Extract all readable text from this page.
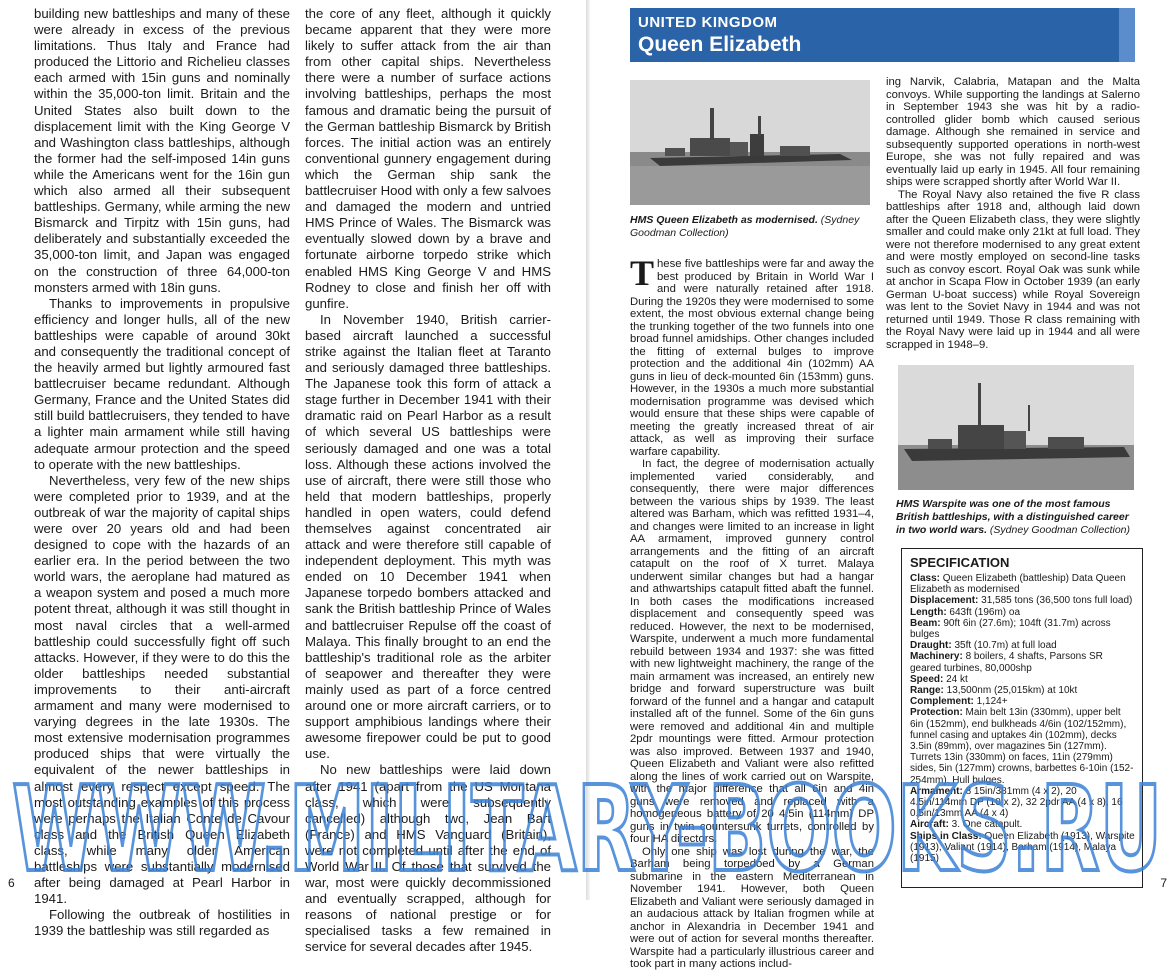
building new battleships and many of these were already in excess of the previous limitations. Thus Italy and France had produced the Littorio and Richelieu classes each armed with 15in guns and nominally within the 35,000-ton limit. Britain and the United States also built down to the displacement limit with the King George V and Washington class battleships, although the former had the self-imposed 14in guns while the Americans went for the 16in gun which also armed all their subsequent battleships. Germany, while arming the new Bismarck and Tirpitz with 15in guns, had deliberately and substantially exceeded the 35,000-ton limit, and Japan was engaged on the construction of three 64,000-ton monsters armed with 18in guns.

Thanks to improvements in propulsive efficiency and longer hulls, all of the new battleships were capable of around 30kt and consequently the traditional concept of the heavily armed but lightly armoured fast battlecruiser became redundant. Although Germany, France and the United States did still build battlecruisers, they tended to have a lighter main armament while still having adequate armour protection and the speed to operate with the new battleships.

Nevertheless, very few of the new ships were completed prior to 1939, and at the outbreak of war the majority of capital ships were over 20 years old and had been designed to cope with the hazards of an earlier era. In the period between the two world wars, the aeroplane had matured as a weapon system and posed a much more potent threat, although it was still thought in most naval circles that a well-armed battleship could successfully fight off such attacks. However, if they were to do this the older battleships needed substantial improvements to their anti-aircraft armament and many were modernised to varying degrees in the late 1930s. The most extensive modernisation programmes produced ships that were virtually the equivalent of the newer battleships in almost every respect except speed. The most outstanding examples of this process were perhaps the Italian Conte de Cavour class and the British Queen Elizabeth class, while many older American battleships were substantially modernised after being damaged at Pearl Harbor in 1941.

Following the outbreak of hostilities in 1939 the battleship was still regarded as

the core of any fleet, although it quickly became apparent that they were more likely to suffer attack from the air than from other capital ships. Nevertheless there were a number of surface actions involving battleships, perhaps the most famous and dramatic being the pursuit of the German battleship Bismarck by British forces. The initial action was an entirely conventional gunnery engagement during which the German ship sank the battlecruiser Hood with only a few salvoes and damaged the modern and untried HMS Prince of Wales. The Bismarck was eventually slowed down by a brave and fortunate airborne torpedo strike which enabled HMS King George V and HMS Rodney to close and finish her off with gunfire.

In November 1940, British carrier-based aircraft launched a successful strike against the Italian fleet at Taranto and seriously damaged three battleships. The Japanese took this form of attack a stage further in December 1941 with their dramatic raid on Pearl Harbor as a result of which several US battleships were seriously damaged and one was a total loss. Although these actions involved the use of aircraft, there were still those who held that modern battleships, properly handled in open waters, could defend themselves against concentrated air attack and were therefore still capable of independent deployment. This myth was ended on 10 December 1941 when Japanese torpedo bombers attacked and sank the British battleship Prince of Wales and battlecruiser Repulse off the coast of Malaya. This finally brought to an end the battleship's traditional role as the arbiter of seapower and thereafter they were mainly used as part of a force centred around one or more aircraft carriers, or to support amphibious landings where their awesome firepower could be put to good use.

No new battleships were laid down after 1941 (apart from the US Montana class, which were subsequently cancelled) although two, Jean Bart (France) and HMS Vanguard (Britain), were not completed until after the end of World War II. Of those that survived the war, most were quickly decommissioned and eventually scrapped, although for reasons of national prestige or for specialised tasks a few remained in service for several decades after 1945.

6
UNITED KINGDOM
Queen Elizabeth
HMS Queen Elizabeth as modernised. (Sydney Goodman Collection)

These five battleships were far and away the best produced by Britain in World War I and were naturally retained after 1918. During the 1920s they were modernised to some extent, the most obvious external change being the trunking together of the two funnels into one broad funnel amidships. Other changes included the fitting of external bulges to improve protection and the additional 4in (102mm) AA guns in lieu of deck-mounted 6in (153mm) guns. However, in the 1930s a much more substantial modernisation programme was devised which would ensure that these ships were capable of meeting the greatly increased threat of air attack, as well as improving their surface warfare capability.

In fact, the degree of modernisation actually implemented varied considerably, and consequently, there were major differences between the various ships by 1939. The least altered was Barham, which was refitted 1931–4, and changes were limited to an increase in light AA armament, improved gunnery control arrangements and the fitting of an aircraft catapult on the roof of X turret. Malaya underwent similar changes but had a hangar and athwartships catapult fitted abaft the funnel. In both cases the modifications increased displacement and consequently speed was reduced. However, the next to be modernised, Warspite, underwent a much more fundamental rebuild between 1934 and 1937: she was fitted with new lightweight machinery, the range of the main armament was increased, an entirely new bridge and forward superstructure was built forward of the funnel and a hangar and catapult installed aft of the funnel. Some of the 6in guns were removed and additional 4in and multiple 2pdr mountings were fitted. Armour protection was also improved. Between 1937 and 1940, Queen Elizabeth and Valiant were also refitted along the lines of work carried out on Warspite, with the major difference that all 6in and 4in guns were removed and replaced with a homogeneous battery of 20 4.5in (114mm) DP guns in twin countersunk turrets, controlled by four HA directors.

Only one ship was lost during the war, the Barham being torpedoed by a German submarine in the eastern Mediterranean in November 1941. However, both Queen Elizabeth and Valiant were seriously damaged in an audacious attack by Italian frogmen while at anchor in Alexandria in December 1941 and were out of action for several months thereafter. Warspite had a particularly illustrious career and took part in many actions includ-

ing Narvik, Calabria, Matapan and the Malta convoys. While supporting the landings at Salerno in September 1943 she was hit by a radio-controlled glider bomb which caused serious damage. Although she remained in service and subsequently supported operations in north-west Europe, she was not fully repaired and was eventually laid up early in 1945. All four remaining ships were scrapped shortly after World War II.

The Royal Navy also retained the five R class battleships after 1918 and, although laid down after the Queen Elizabeth class, they were slightly smaller and could make only 21kt at full load. They were not therefore modernised to any great extent and were mostly employed on second-line tasks such as convoy escort. Royal Oak was sunk while at anchor in Scapa Flow in October 1939 (an early German U-boat success) while Royal Sovereign was lent to the Soviet Navy in 1944 and was not returned until 1949. Those R class remaining with the Royal Navy were laid up in 1944 and all were scrapped in 1948–9.

HMS Warspite was one of the most famous British battleships, with a distinguished career in two world wars. (Sydney Goodman Collection)
SPECIFICATION
Class: Queen Elizabeth (battleship) Data Queen Elizabeth as modernised
Displacement: 31,585 tons (36,500 tons full load)
Length: 643ft (196m) oa
Beam: 90ft 6in (27.6m); 104ft (31.7m) across bulges
Draught: 35ft (10.7m) at full load
Machinery: 8 boilers, 4 shafts, Parsons SR geared turbines, 80,000shp
Speed: 24 kt
Range: 13,500nm (25,015km) at 10kt
Complement: 1,124+
Protection: Main belt 13in (330mm), upper belt 6in (152mm), end bulkheads 4/6in (102/152mm), funnel casing and uptakes 4in (102mm), decks 3.5in (89mm), over magazines 5in (127mm). Turrets 13in (330mm) on faces, 11in (279mm) sides, 5in (127mm) crowns, barbettes 6-10in (152-254mm). Hull bulges.
Armament: 8 15in/381mm (4 x 2), 20 4.5in/114mm DP (10 x 2), 32 2pdr AA (4 x 8), 16 0.5in/13mm AA (4 x 4)
Aircraft: 3. One catapult.
Ships in Class: Queen Elizabeth (1913), Warspite (1913), Valiant (1914), Barham (1914), Malaya (1915)
7
WWW.MILITARY-BOOKS.RU
